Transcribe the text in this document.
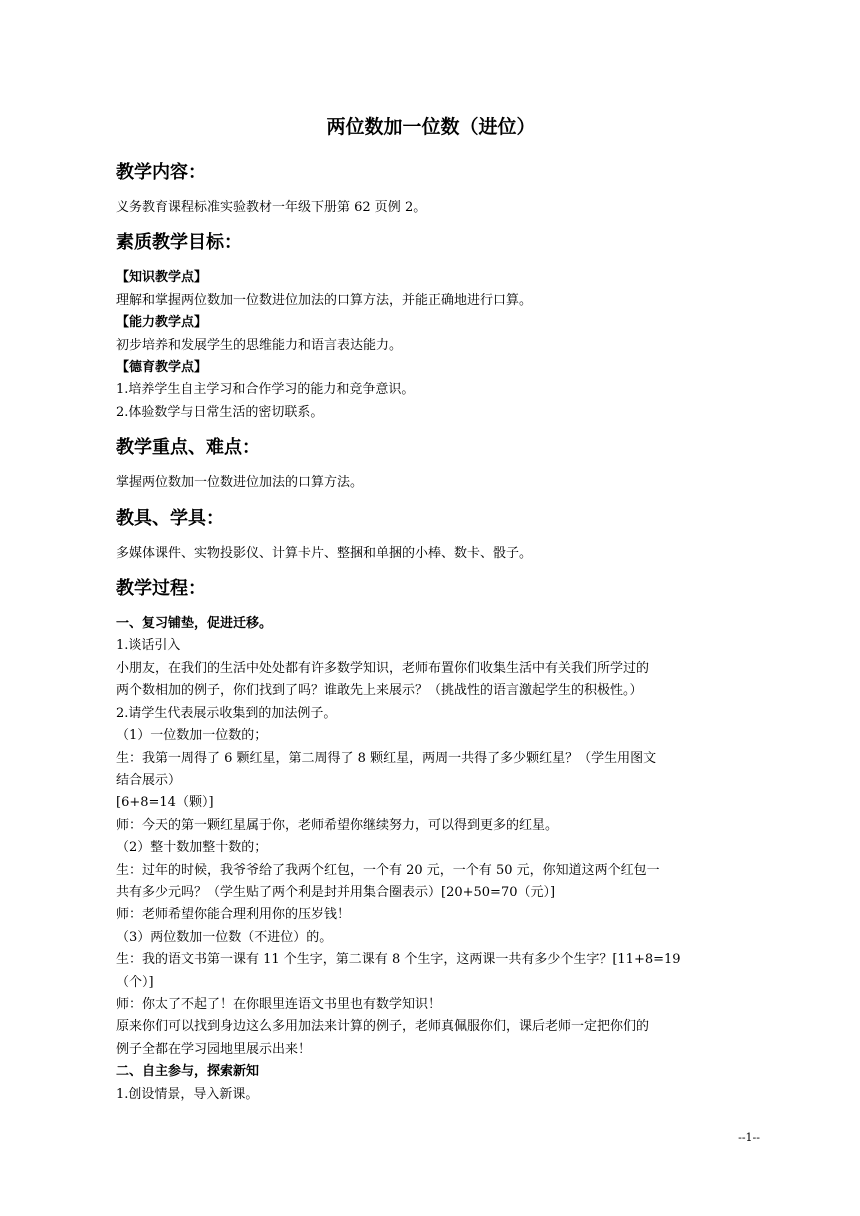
两位数加一位数（进位）
教学内容：
义务教育课程标准实验教材一年级下册第 62 页例 2。
素质教学目标：
【知识教学点】
理解和掌握两位数加一位数进位加法的口算方法，并能正确地进行口算。
【能力教学点】
初步培养和发展学生的思维能力和语言表达能力。
【德育教学点】
1.培养学生自主学习和合作学习的能力和竞争意识。
2.体验数学与日常生活的密切联系。
教学重点、难点：
掌握两位数加一位数进位加法的口算方法。
教具、学具：
多媒体课件、实物投影仪、计算卡片、整捆和单捆的小棒、数卡、骰子。
教学过程：
一、复习铺垫，促进迁移。
1.谈话引入
小朋友，在我们的生活中处处都有许多数学知识，老师布置你们收集生活中有关我们所学过的
两个数相加的例子，你们找到了吗？谁敢先上来展示？（挑战性的语言激起学生的积极性。）
2.请学生代表展示收集到的加法例子。
（1）一位数加一位数的；
生：我第一周得了 6 颗红星，第二周得了 8 颗红星，两周一共得了多少颗红星？（学生用图文
结合展示）
[6+8=14（颗）]
师：今天的第一颗红星属于你，老师希望你继续努力，可以得到更多的红星。
（2）整十数加整十数的；
生：过年的时候，我爷爷给了我两个红包，一个有 20 元，一个有 50 元，你知道这两个红包一
共有多少元吗？（学生贴了两个利是封并用集合圈表示）[20+50=70（元）]
师：老师希望你能合理利用你的压岁钱！
（3）两位数加一位数（不进位）的。
生：我的语文书第一课有 11 个生字，第二课有 8 个生字，这两课一共有多少个生字？[11+8=19
（个）]
师：你太了不起了！在你眼里连语文书里也有数学知识！
原来你们可以找到身边这么多用加法来计算的例子，老师真佩服你们，课后老师一定把你们的
例子全都在学习园地里展示出来！
二、自主参与，探索新知
1.创设情景，导入新课。
--1--
